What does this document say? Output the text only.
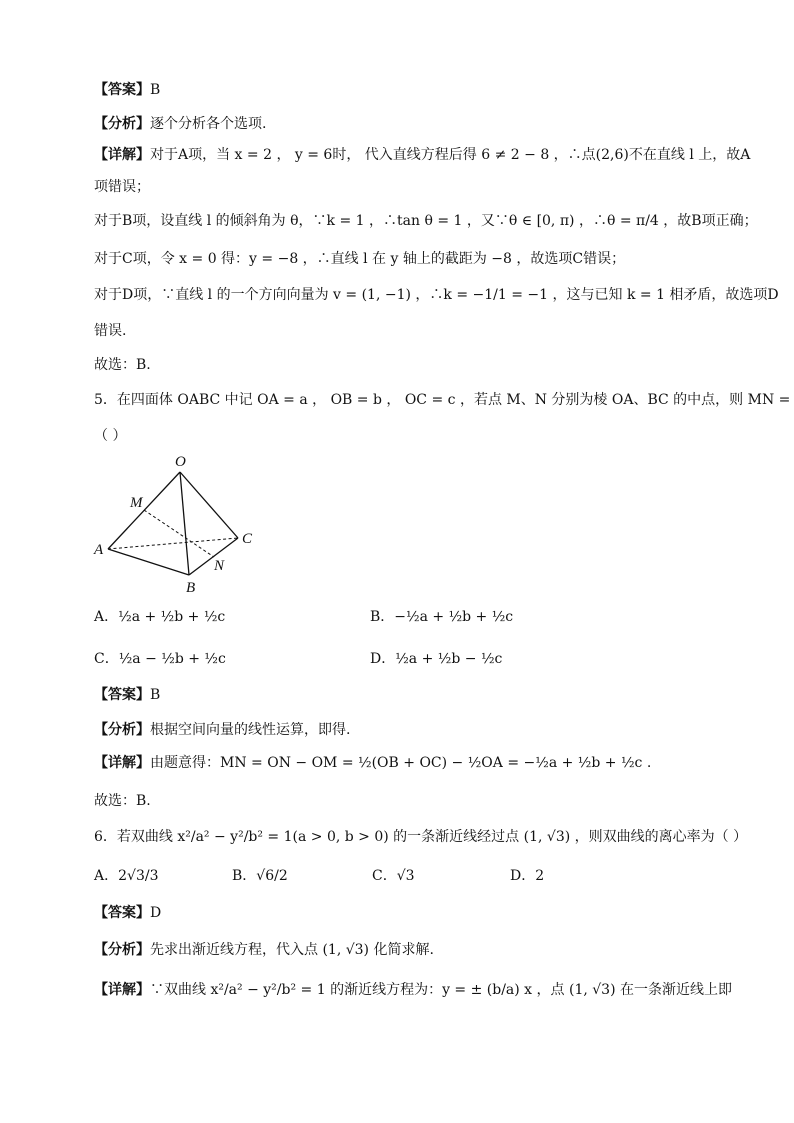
【答案】B
【分析】逐个分析各个选项.
【详解】对于A项，当 x = 2 ， y = 6时， 代入直线方程后得 6 ≠ 2 − 8 ，∴点(2,6)不在直线 l 上，故A
项错误；
对于B项，设直线 l 的倾斜角为 θ，∵k = 1 ，∴tan θ = 1 ，又∵θ ∈ [0, π) ，∴θ = π/4 ，故B项正确；
对于C项，令 x = 0 得：y = −8 ，∴直线 l 在 y 轴上的截距为 −8 ，故选项C错误；
对于D项，∵直线 l 的一个方向向量为 v = (1, −1) ，∴k = −1/1 = −1 ，这与已知 k = 1 相矛盾，故选项D
错误.
故选：B.
5．在四面体 OABC 中记 OA = a ， OB = b ， OC = c ，若点 M、N 分别为棱 OA、BC 的中点，则 MN =
（ ）
O
M
A
C
N
B
A．½a + ½b + ½c	B．−½a + ½b + ½c
C．½a − ½b + ½c	D．½a + ½b − ½c
【答案】B
【分析】根据空间向量的线性运算，即得.
【详解】由题意得：MN = ON − OM = ½(OB + OC) − ½OA = −½a + ½b + ½c .
故选：B.
6．若双曲线 x²/a² − y²/b² = 1(a > 0, b > 0) 的一条渐近线经过点 (1, √3) ，则双曲线的离心率为（ ）
A．2√3/3	B．√6/2	C．√3	D．2
【答案】D
【分析】先求出渐近线方程，代入点 (1, √3) 化简求解.
【详解】∵双曲线 x²/a² − y²/b² = 1 的渐近线方程为：y = ± (b/a) x ，点 (1, √3) 在一条渐近线上即
